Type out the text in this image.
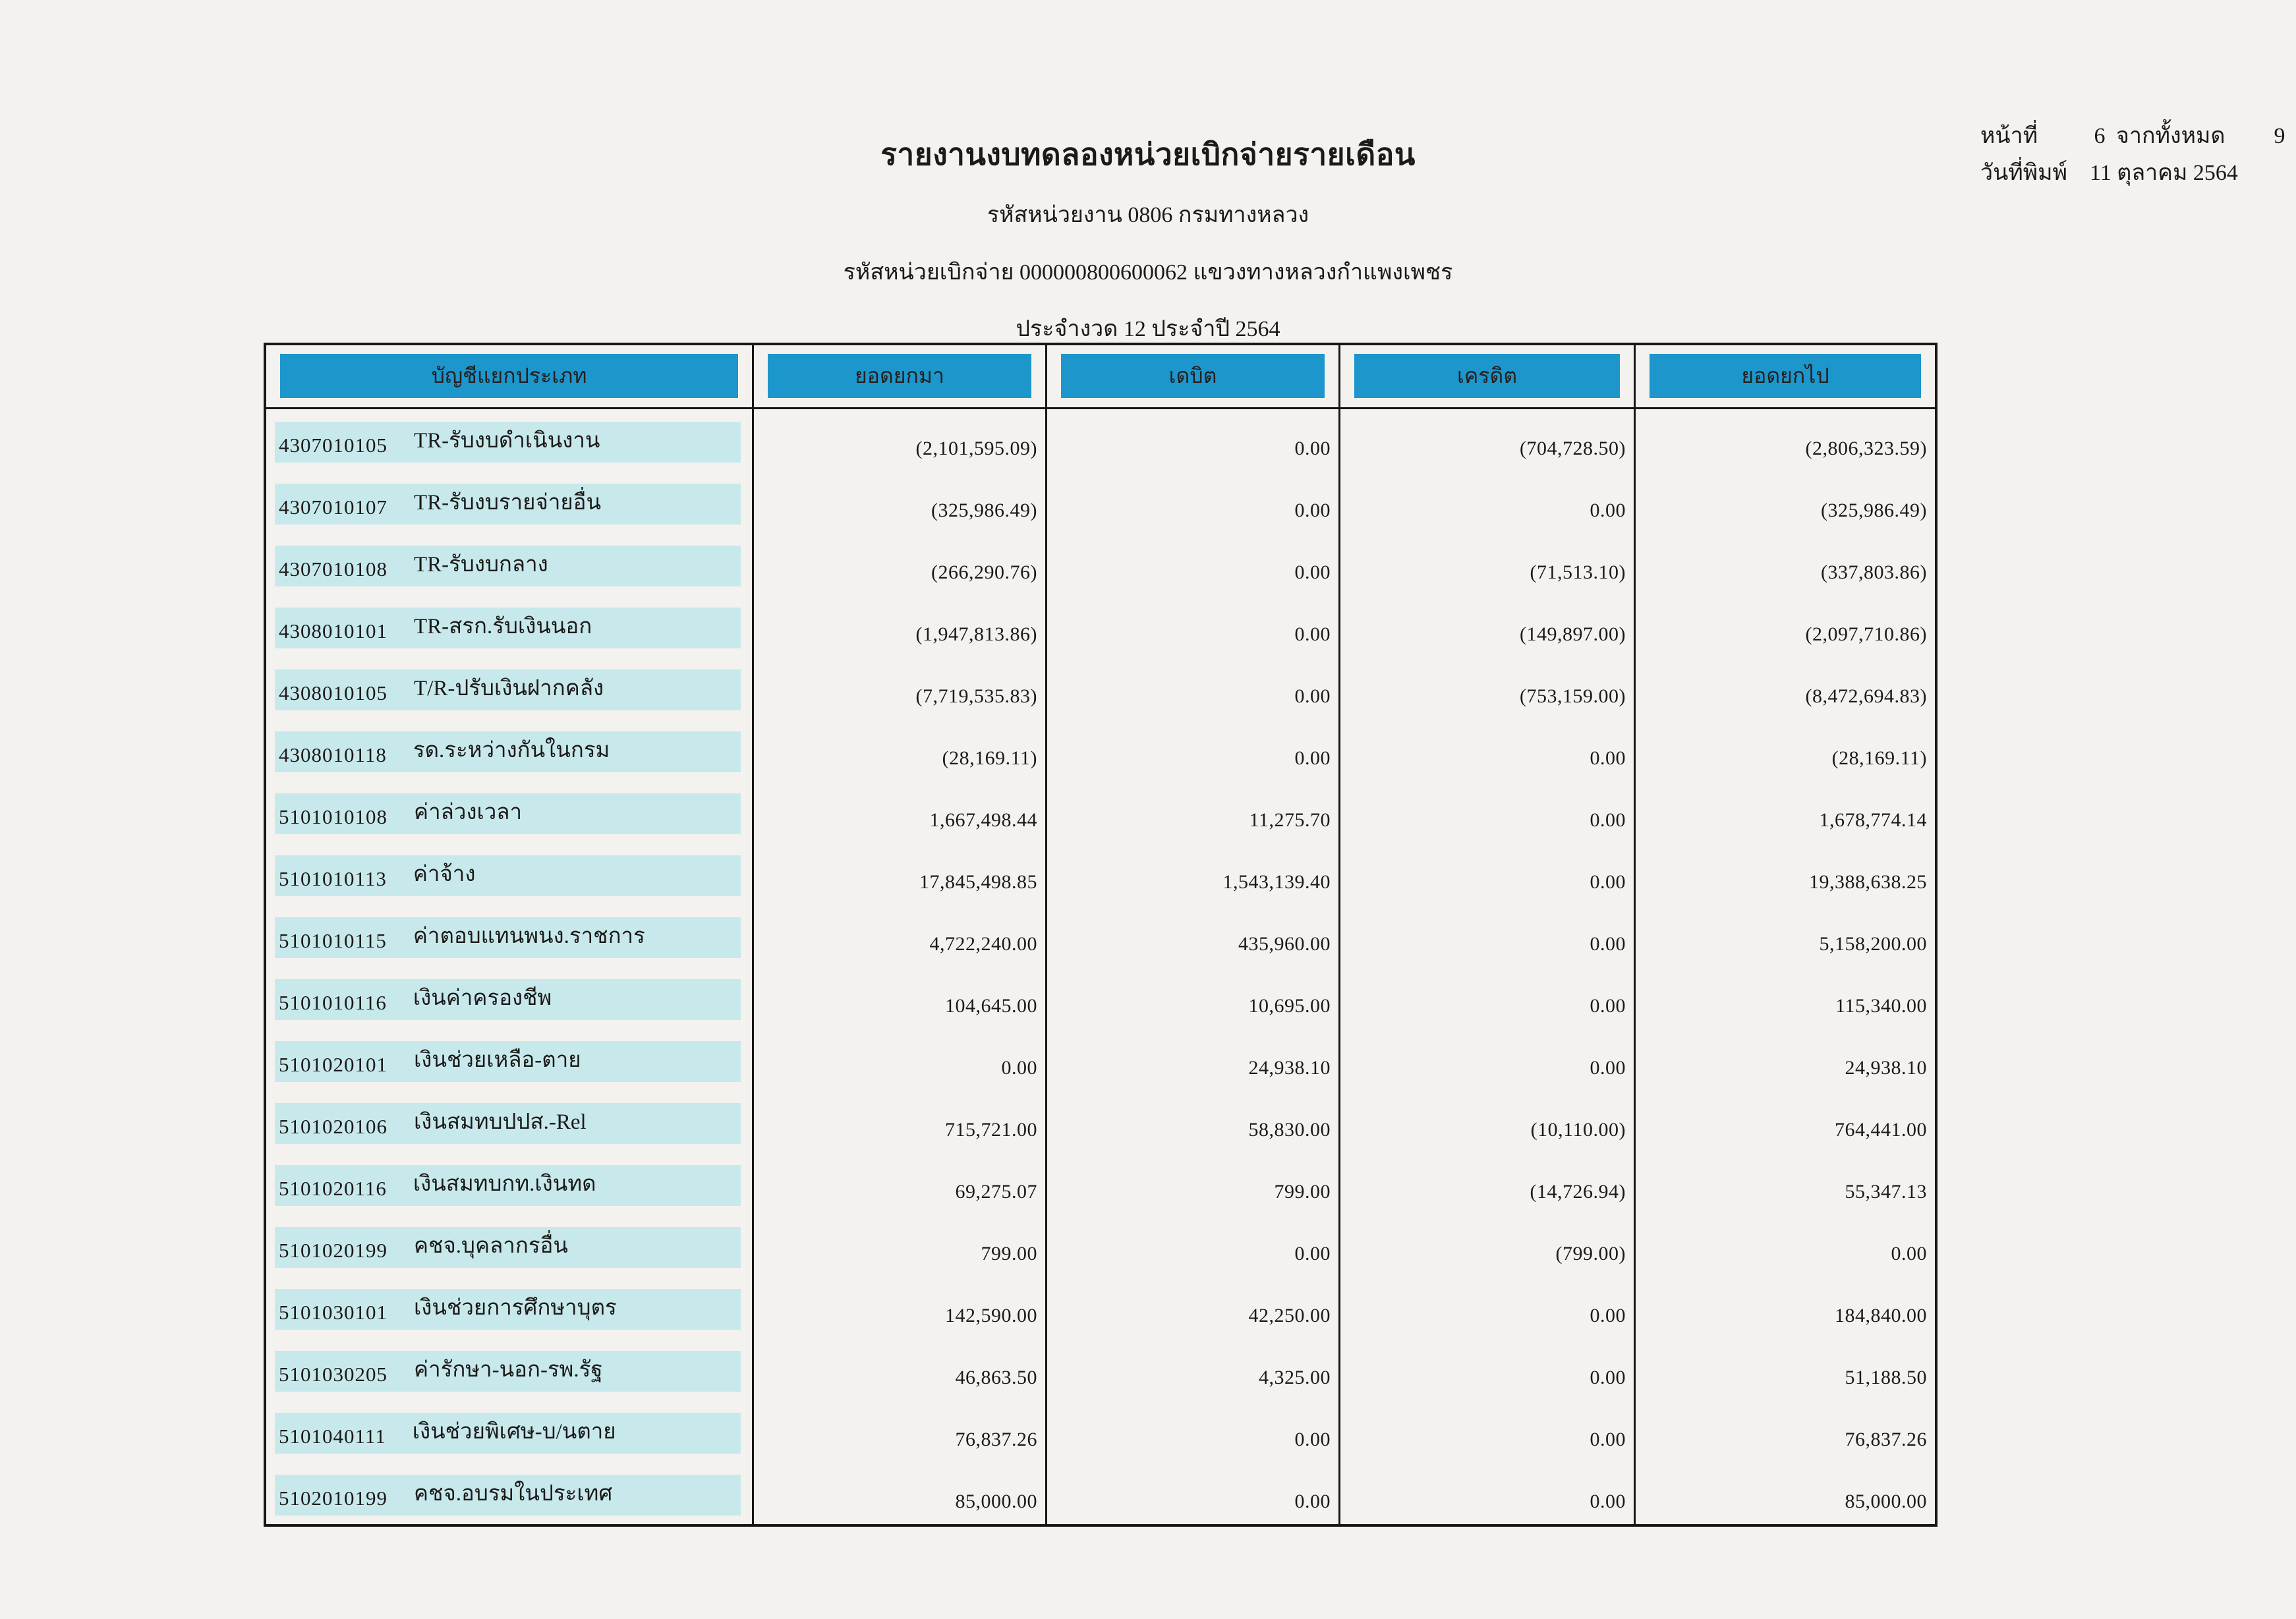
รายงานงบทดลองหน่วยเบิกจ่ายรายเดือน
รหัสหน่วยงาน 0806 กรมทางหลวง
รหัสหน่วยเบิกจ่าย 000000800600062 แขวงทางหลวงกำแพงเพชร
ประจำงวด 12 ประจำปี 2564
หน้าที่	6 จากทั้งหมด 9
วันที่พิมพ์	11 ตุลาคม 2564
บัญชีแยกประเภท	ยอดยกมา	เดบิต	เครดิต	ยอดยกไป
4307010105 TR-รับงบดำเนินงาน	(2,101,595.09)	0.00	(704,728.50)	(2,806,323.59)
4307010107 TR-รับงบรายจ่ายอื่น	(325,986.49)	0.00	0.00	(325,986.49)
4307010108 TR-รับงบกลาง	(266,290.76)	0.00	(71,513.10)	(337,803.86)
4308010101 TR-สรก.รับเงินนอก	(1,947,813.86)	0.00	(149,897.00)	(2,097,710.86)
4308010105 T/R-ปรับเงินฝากคลัง	(7,719,535.83)	0.00	(753,159.00)	(8,472,694.83)
4308010118 รด.ระหว่างกันในกรม	(28,169.11)	0.00	0.00	(28,169.11)
5101010108 ค่าล่วงเวลา	1,667,498.44	11,275.70	0.00	1,678,774.14
5101010113 ค่าจ้าง	17,845,498.85	1,543,139.40	0.00	19,388,638.25
5101010115 ค่าตอบแทนพนง.ราชการ	4,722,240.00	435,960.00	0.00	5,158,200.00
5101010116 เงินค่าครองชีพ	104,645.00	10,695.00	0.00	115,340.00
5101020101 เงินช่วยเหลือ-ตาย	0.00	24,938.10	0.00	24,938.10
5101020106 เงินสมทบปปส.-Rel	715,721.00	58,830.00	(10,110.00)	764,441.00
5101020116 เงินสมทบกท.เงินทด	69,275.07	799.00	(14,726.94)	55,347.13
5101020199 คชจ.บุคลากรอื่น	799.00	0.00	(799.00)	0.00
5101030101 เงินช่วยการศึกษาบุตร	142,590.00	42,250.00	0.00	184,840.00
5101030205 ค่ารักษา-นอก-รพ.รัฐ	46,863.50	4,325.00	0.00	51,188.50
5101040111 เงินช่วยพิเศษ-บ/นตาย	76,837.26	0.00	0.00	76,837.26
5102010199 คชจ.อบรมในประเทศ	85,000.00	0.00	0.00	85,000.00
